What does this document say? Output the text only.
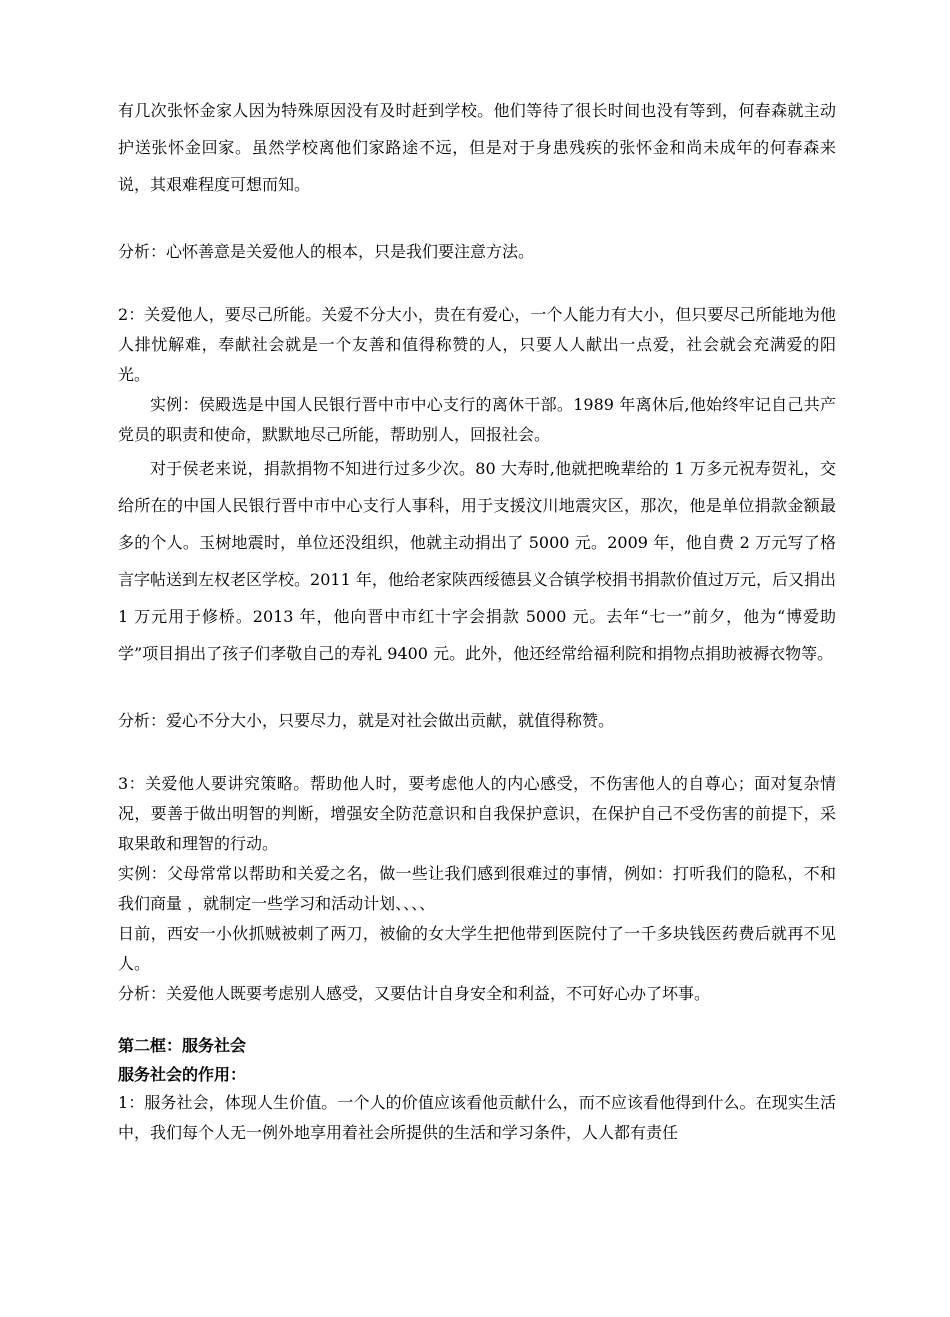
有几次张怀金家人因为特殊原因没有及时赶到学校。他们等待了很长时间也没有等到，何春森就主动护送张怀金回家。虽然学校离他们家路途不远，但是对于身患残疾的张怀金和尚未成年的何春森来说，其艰难程度可想而知。

分析：心怀善意是关爱他人的根本，只是我们要注意方法。

2：关爱他人，要尽己所能。关爱不分大小，贵在有爱心，一个人能力有大小，但只要尽己所能地为他人排忧解难，奉献社会就是一个友善和值得称赞的人，只要人人献出一点爱，社会就会充满爱的阳光。

实例：侯殿选是中国人民银行晋中市中心支行的离休干部。1989 年离休后,他始终牢记自己共产党员的职责和使命，默默地尽己所能，帮助别人，回报社会。

对于侯老来说，捐款捐物不知进行过多少次。80 大寿时,他就把晚辈给的 1 万多元祝寿贺礼，交给所在的中国人民银行晋中市中心支行人事科，用于支援汶川地震灾区，那次，他是单位捐款金额最多的个人。玉树地震时，单位还没组织，他就主动捐出了 5000 元。2009 年，他自费 2 万元写了格言字帖送到左权老区学校。2011 年，他给老家陕西绥德县义合镇学校捐书捐款价值过万元，后又捐出 1 万元用于修桥。2013 年，他向晋中市红十字会捐款 5000 元。去年“七一”前夕，他为“博爱助学”项目捐出了孩子们孝敬自己的寿礼 9400 元。此外，他还经常给福利院和捐物点捐助被褥衣物等。

分析：爱心不分大小，只要尽力，就是对社会做出贡献，就值得称赞。

3：关爱他人要讲究策略。帮助他人时，要考虑他人的内心感受，不伤害他人的自尊心；面对复杂情况，要善于做出明智的判断，增强安全防范意识和自我保护意识，在保护自己不受伤害的前提下，采取果敢和理智的行动。

实例：父母常常以帮助和关爱之名，做一些让我们感到很难过的事情，例如：打听我们的隐私，不和我们商量 ，就制定一些学习和活动计划、、、、

日前，西安一小伙抓贼被刺了两刀，被偷的女大学生把他带到医院付了一千多块钱医药费后就再不见人。

分析：关爱他人既要考虑别人感受，又要估计自身安全和利益，不可好心办了坏事。

第二框：服务社会

服务社会的作用：

1：服务社会，体现人生价值。一个人的价值应该看他贡献什么，而不应该看他得到什么。在现实生活中，我们每个人无一例外地享用着社会所提供的生活和学习条件，人人都有责任
